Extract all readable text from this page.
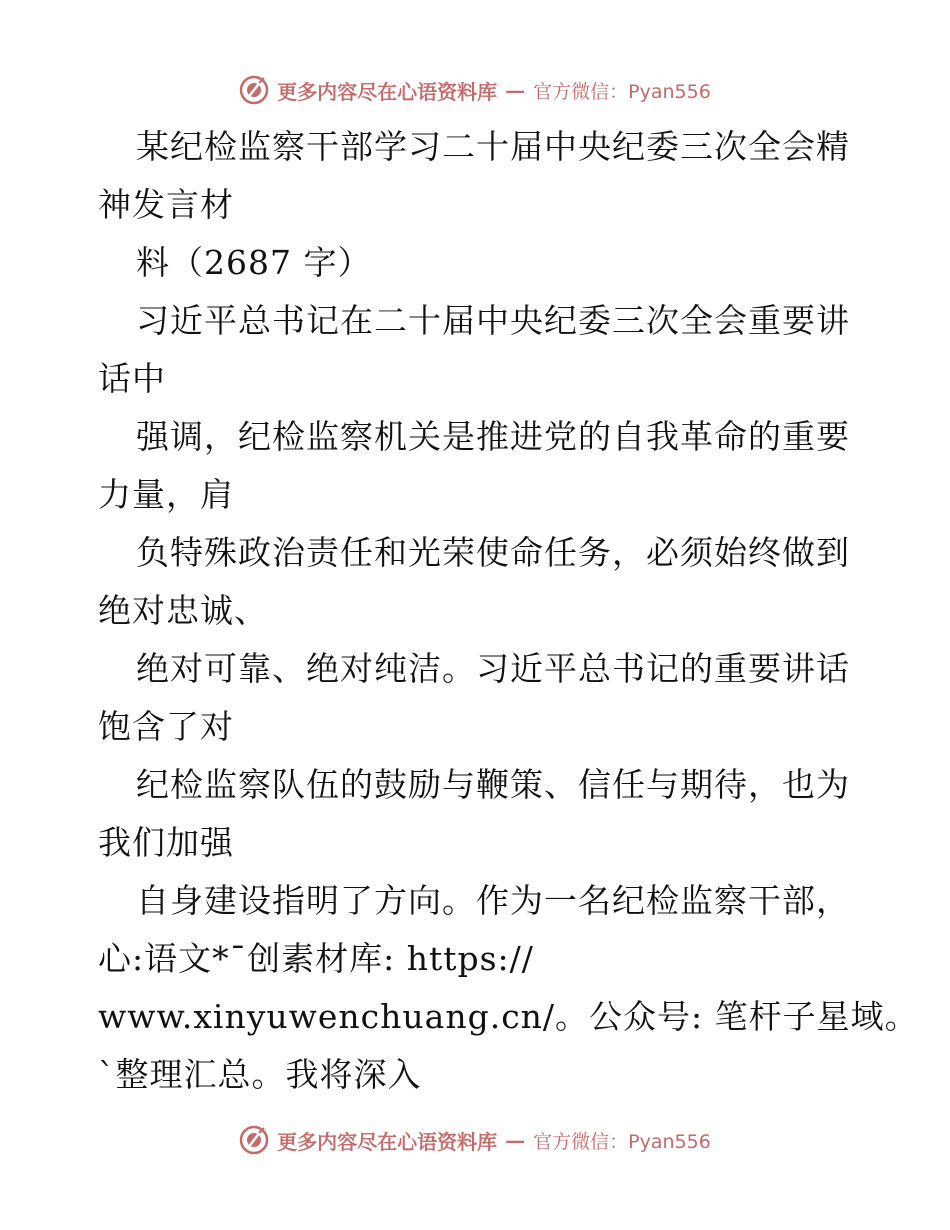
更多内容尽在心语资料库 — 官方微信：Pyan556
某纪检监察干部学习二十届中央纪委三次全会精
神发言材
料（2687 字）
习近平总书记在二十届中央纪委三次全会重要讲
话中
强调，纪检监察机关是推进党的自我革命的重要
力量，肩
负特殊政治责任和光荣使命任务，必须始终做到
绝对忠诚、
绝对可靠、绝对纯洁。习近平总书记的重要讲话
饱含了对
纪检监察队伍的鼓励与鞭策、信任与期待，也为
我们加强
自身建设指明了方向。作为一名纪检监察干部，
心:语文*¯创素材库: https://
www.xinyuwenchuang.cn/。公众号: 笔杆子星域。
`整理汇总。我将深入
更多内容尽在心语资料库 — 官方微信：Pyan556
